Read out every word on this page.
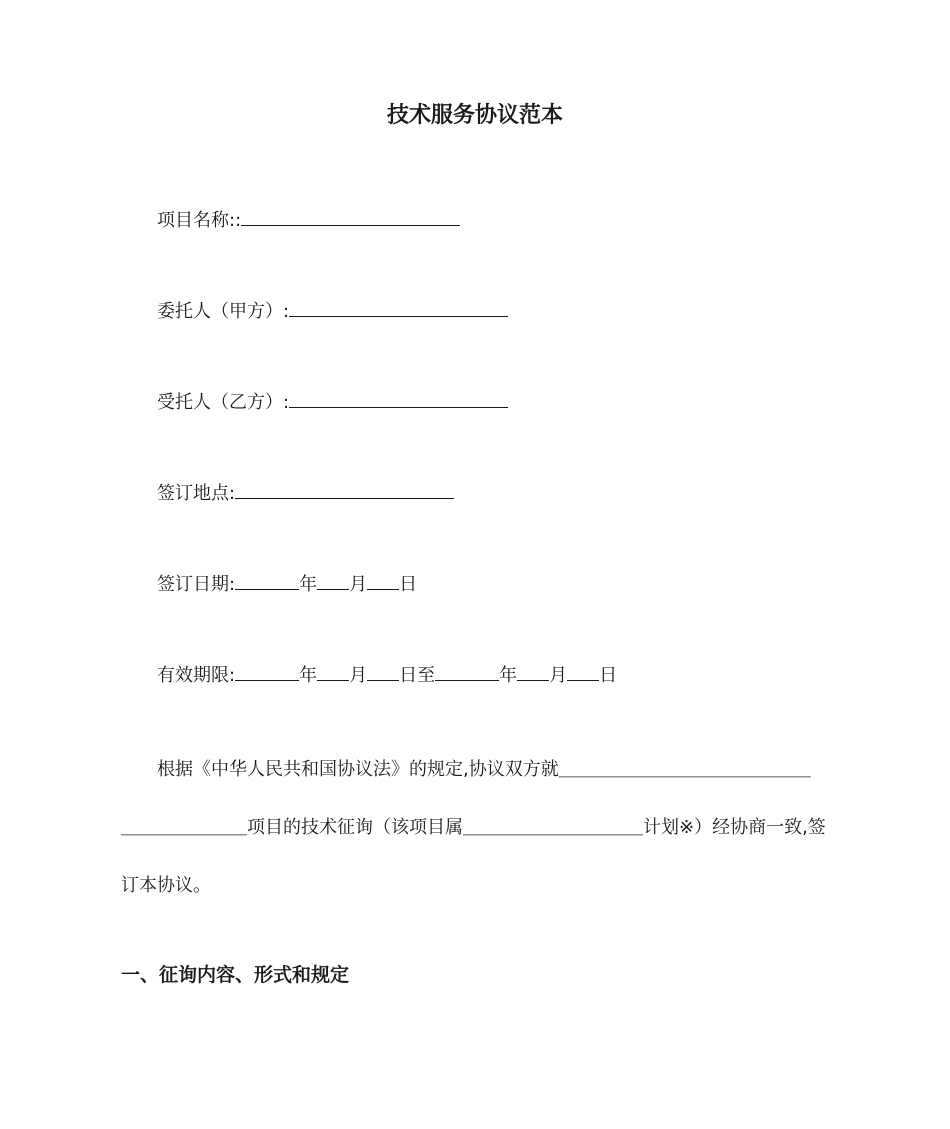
技术服务协议范本
项目名称::
委托人（甲方）:
受托人（乙方）:
签订地点:
签订日期:	年 月 日
有效期限:	年 月 日至	年 月 日
根据《中华人民共和国协议法》的规定,协议双方就＿＿＿＿＿＿＿＿＿＿＿＿＿＿
＿＿＿＿＿＿＿项目的技术征询（该项目属＿＿＿＿＿＿＿＿＿＿计划※）经协商一致,签
订本协议。
一、征询内容、形式和规定
